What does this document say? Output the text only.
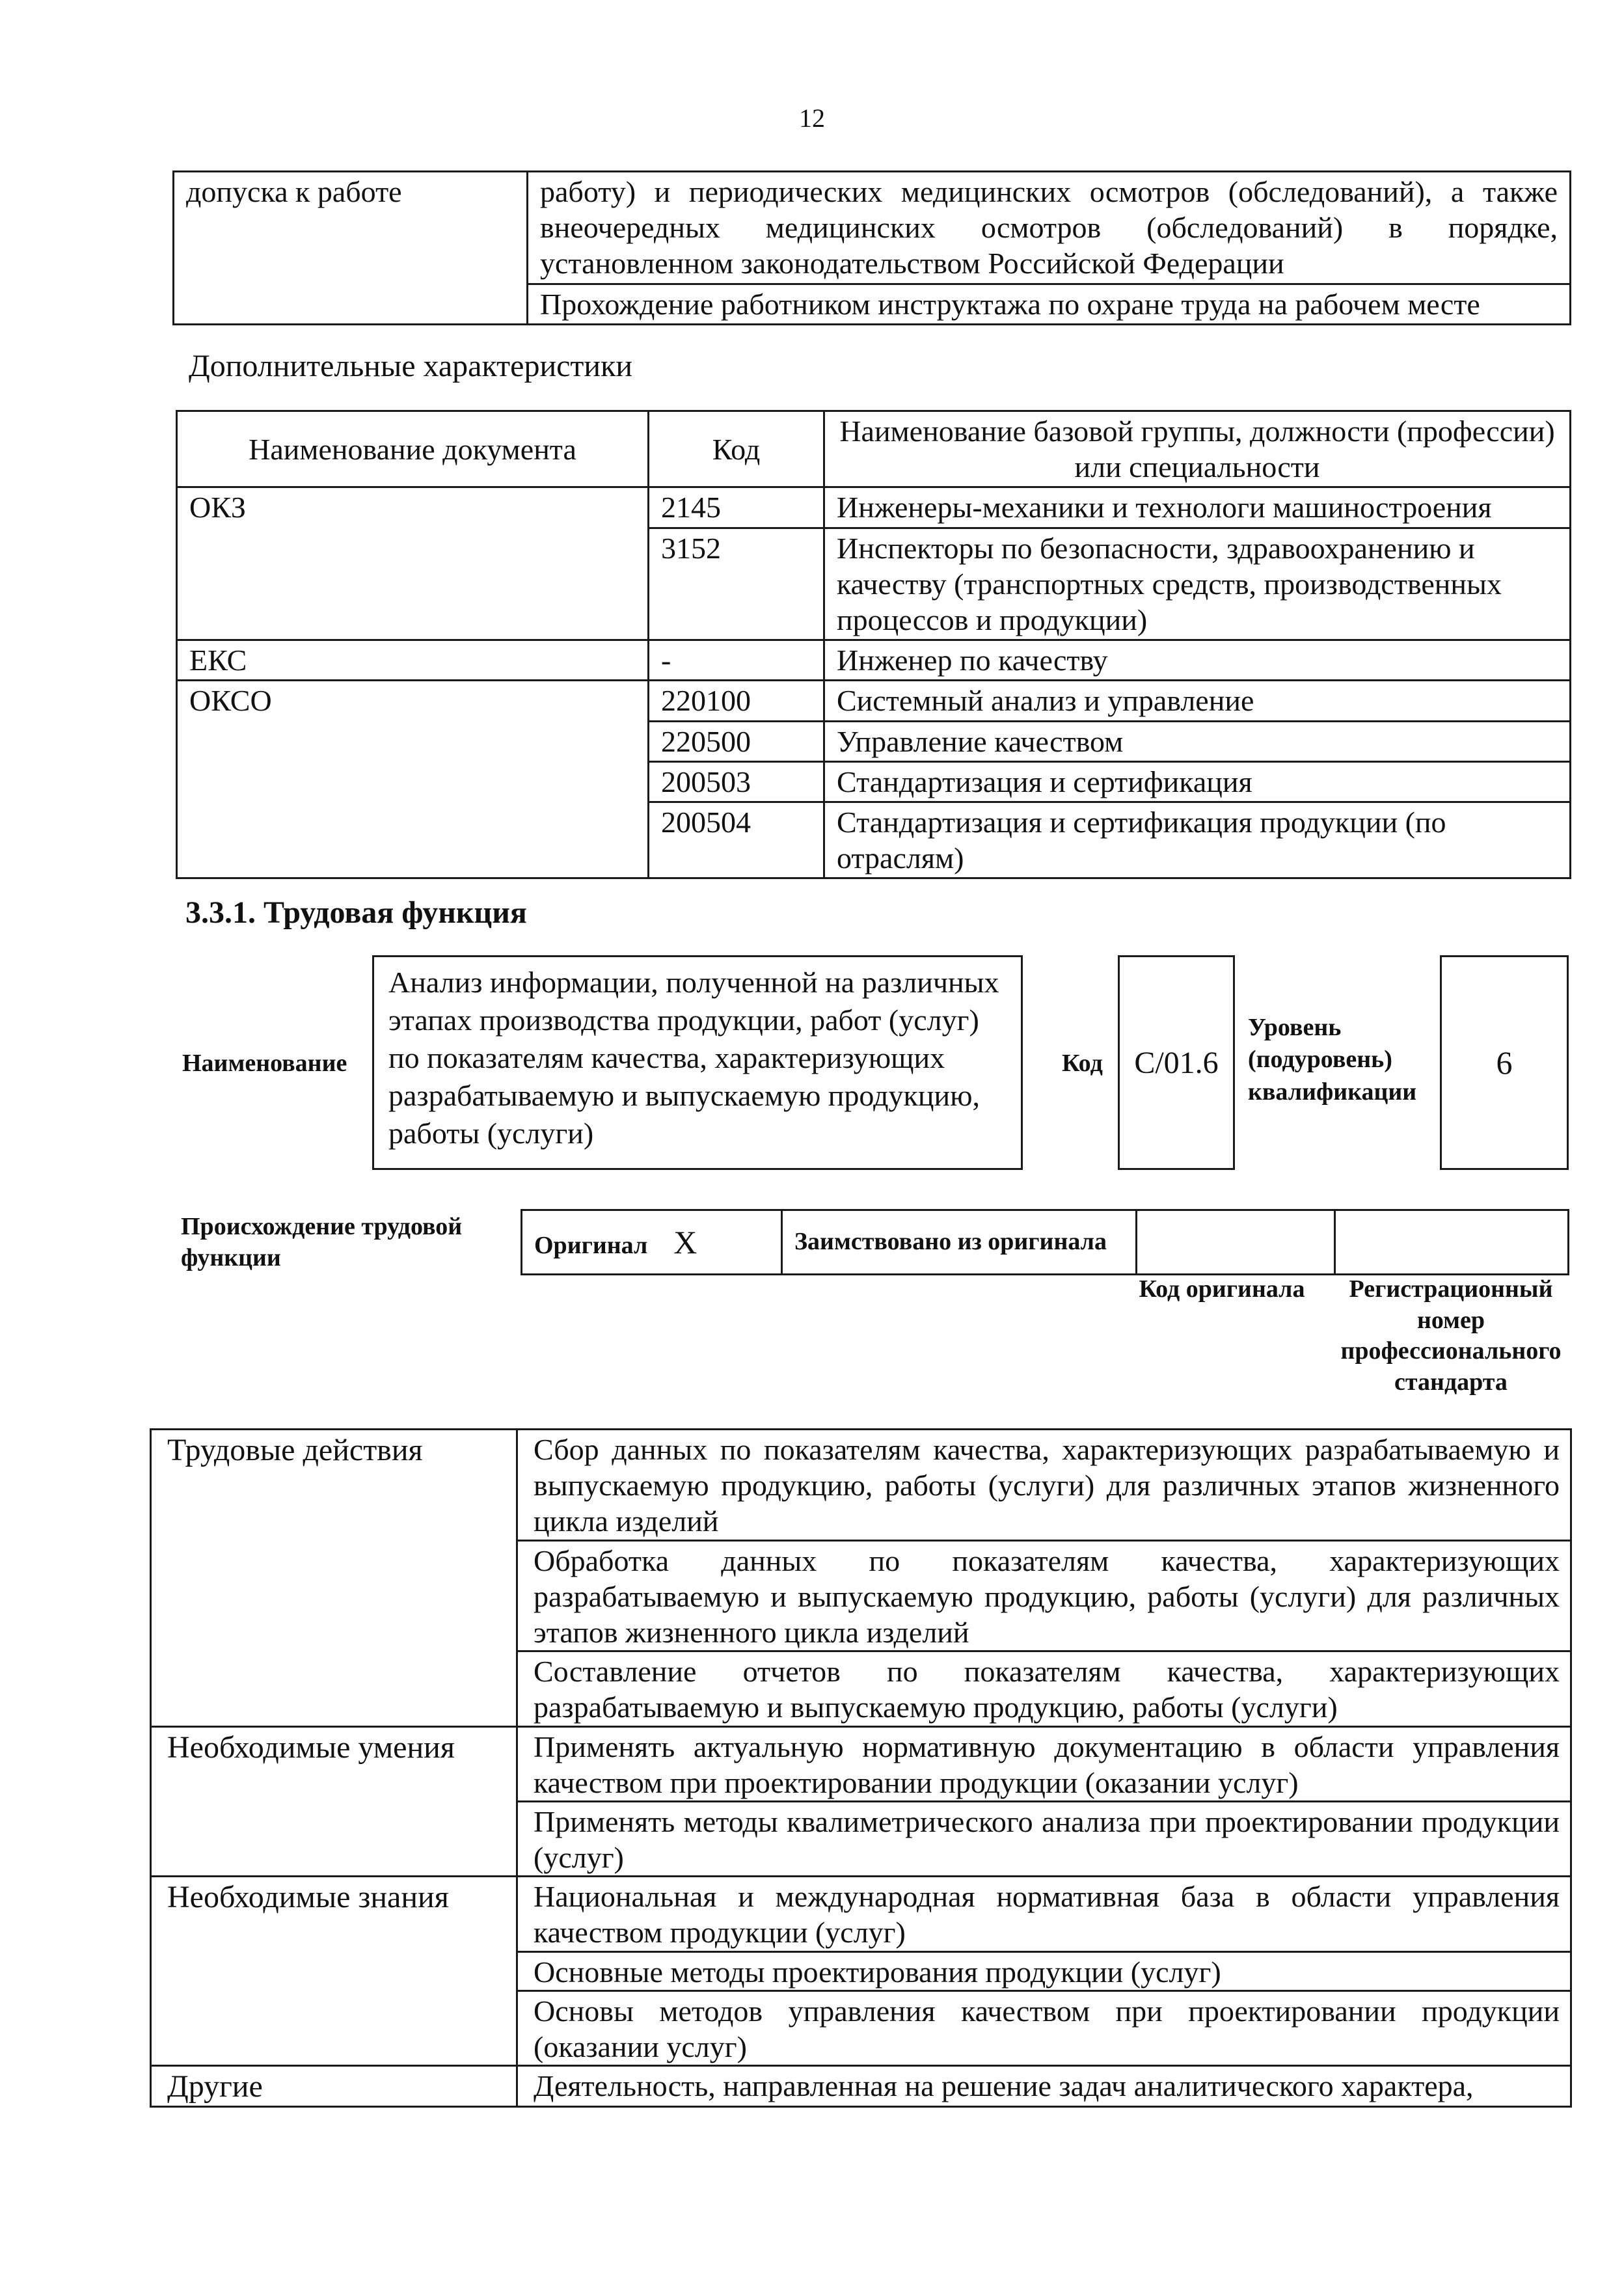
12
допуска к работе	работу) и периодических медицинских осмотров (обследований), а также внеочередных медицинских осмотров (обследований) в порядке, установленном законодательством Российской Федерации
Прохождение работником инструктажа по охране труда на рабочем месте
Дополнительные характеристики
Наименование документа	Код	Наименование базовой группы, должности (профессии) или специальности
ОКЗ	2145	Инженеры-механики и технологи машиностроения
	3152	Инспекторы по безопасности, здравоохранению и качеству (транспортных средств, производственных процессов и продукции)
ЕКС	-	Инженер по качеству
ОКСО	220100	Системный анализ и управление
	220500	Управление качеством
	200503	Стандартизация и сертификация
	200504	Стандартизация и сертификация продукции (по отраслям)
3.3.1. Трудовая функция
Наименование
Анализ информации, полученной на различных этапах производства продукции, работ (услуг) по показателям качества, характеризующих разрабатываемую и выпускаемую продукцию, работы (услуги)
Код C/01.6
Уровень (подуровень) квалификации
6
Происхождение трудовой функции	Оригинал X	Заимствовано из оригинала		
Код оригинала	Регистрационный номер профессионального стандарта
Трудовые действия	Сбор данных по показателям качества, характеризующих разрабатываемую и выпускаемую продукцию, работы (услуги) для различных этапов жизненного цикла изделий
	Обработка данных по показателям качества, характеризующих разрабатываемую и выпускаемую продукцию, работы (услуги) для различных этапов жизненного цикла изделий
	Составление отчетов по показателям качества, характеризующих разрабатываемую и выпускаемую продукцию, работы (услуги)
Необходимые умения	Применять актуальную нормативную документацию в области управления качеством при проектировании продукции (оказании услуг)
	Применять методы квалиметрического анализа при проектировании продукции (услуг)
Необходимые знания	Национальная и международная нормативная база в области управления качеством продукции (услуг)
	Основные методы проектирования продукции (услуг)
	Основы методов управления качеством при проектировании продукции (оказании услуг)
Другие	Деятельность, направленная на решение задач аналитического характера,
